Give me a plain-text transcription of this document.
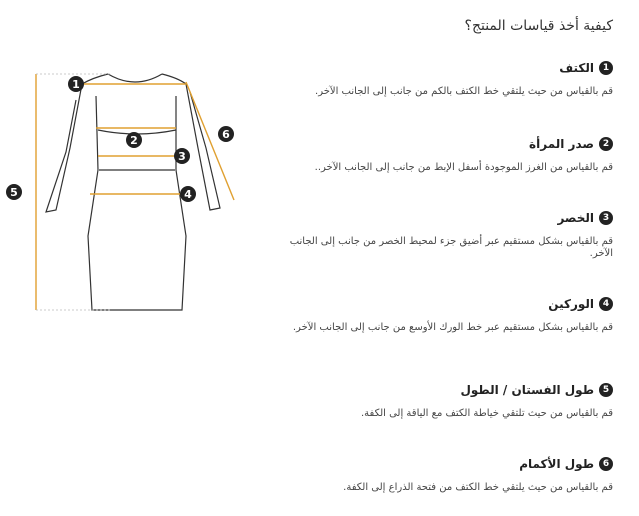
كيفية أخذ قياسات المنتج؟
1
2
3
4
5
6
1
الكتف
قم بالقياس من حيث يلتقي خط الكتف بالكم من جانب إلى الجانب الآخر.
2
صدر المرأة
قم بالقياس من الغرز الموجودة أسفل الإبط من جانب إلى الجانب الآخر..
3
الخصر
قم بالقياس بشكل مستقيم عبر أضيق جزء لمحيط الخصر من جانب إلى الجانب الآخر.
4
الوركين
قم بالقياس بشكل مستقيم عبر خط الورك الأوسع من جانب إلى الجانب الآخر.
5
طول الفستان / الطول
قم بالقياس من حيث تلتقي خياطة الكتف مع الياقة إلى الكفة.
6
طول الأكمام
قم بالقياس من حيث يلتقي خط الكتف من فتحة الذراع إلى الكفة.
